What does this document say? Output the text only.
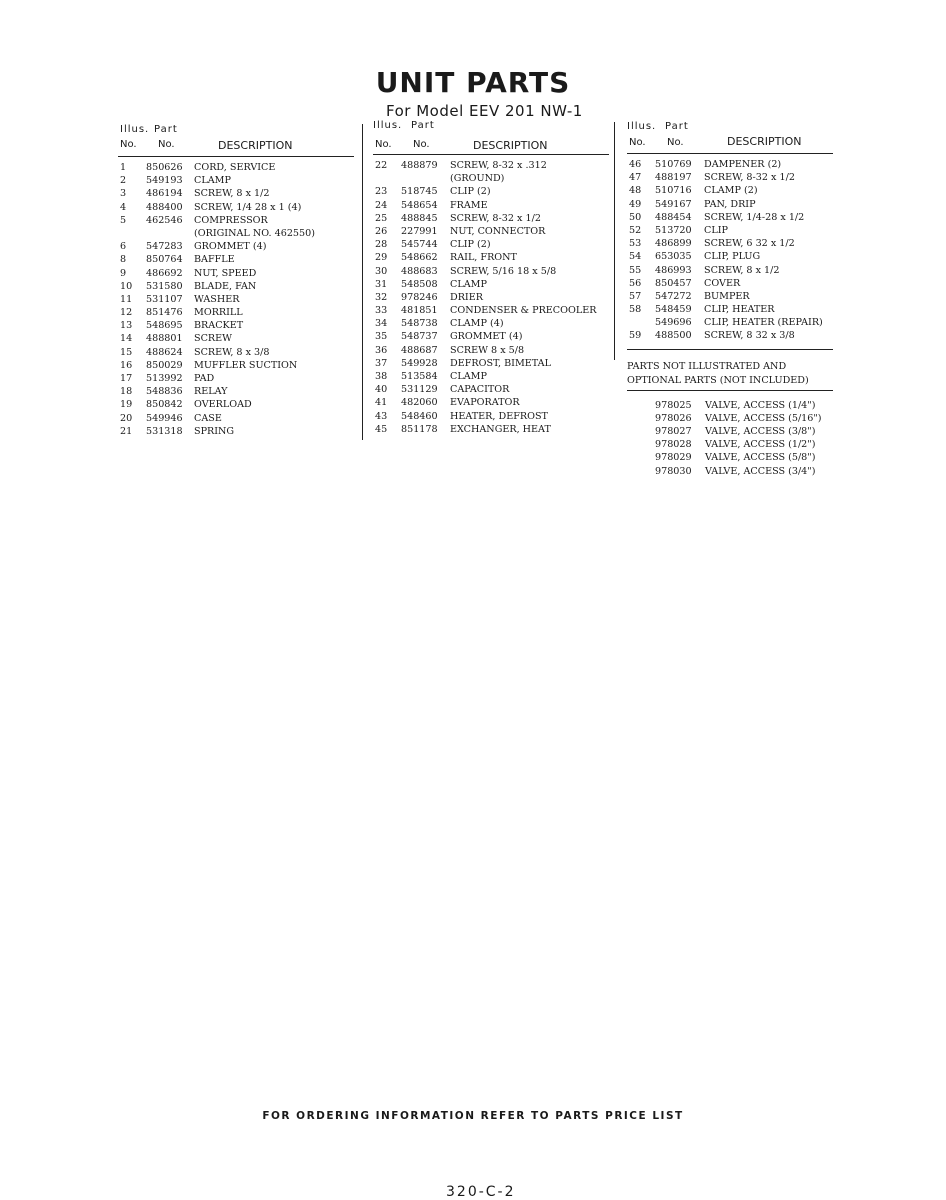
UNIT PARTS
For Model EEV 201 NW-1
Illus. Part
No. No.	DESCRIPTION
1	850626	CORD, SERVICE
2	549193	CLAMP
3	486194	SCREW, 8 x 1/2
4	488400	SCREW, 1/4 28 x 1 (4)
5	462546	COMPRESSOR
(ORIGINAL NO. 462550)
6	547283	GROMMET (4)
8	850764	BAFFLE
9	486692	NUT, SPEED
10	531580	BLADE, FAN
11	531107	WASHER
12	851476	MORRILL
13	548695	BRACKET
14	488801	SCREW
15	488624	SCREW, 8 x 3/8
16	850029	MUFFLER SUCTION
17	513992	PAD
18	548836	RELAY
19	850842	OVERLOAD
20	549946	CASE
21	531318	SPRING
Illus. Part
No. No.	DESCRIPTION
22	488879	SCREW, 8-32 x .312
(GROUND)
23	518745	CLIP (2)
24	548654	FRAME
25	488845	SCREW, 8-32 x 1/2
26	227991	NUT, CONNECTOR
28	545744	CLIP (2)
29	548662	RAIL, FRONT
30	488683	SCREW, 5/16 18 x 5/8
31	548508	CLAMP
32	978246	DRIER
33	481851	CONDENSER & PRECOOLER
34	548738	CLAMP (4)
35	548737	GROMMET (4)
36	488687	SCREW 8 x 5/8
37	549928	DEFROST, BIMETAL
38	513584	CLAMP
40	531129	CAPACITOR
41	482060	EVAPORATOR
43	548460	HEATER, DEFROST
45	851178	EXCHANGER, HEAT
Illus. Part
No. No.	DESCRIPTION
46	510769	DAMPENER (2)
47	488197	SCREW, 8-32 x 1/2
48	510716	CLAMP (2)
49	549167	PAN, DRIP
50	488454	SCREW, 1/4-28 x 1/2
52	513720	CLIP
53	486899	SCREW, 6 32 x 1/2
54	653035	CLIP, PLUG
55	486993	SCREW, 8 x 1/2
56	850457	COVER
57	547272	BUMPER
58	548459	CLIP, HEATER
549696	CLIP, HEATER (REPAIR)
59	488500	SCREW, 8 32 x 3/8
PARTS NOT ILLUSTRATED AND
OPTIONAL PARTS (NOT INCLUDED)
978025	VALVE, ACCESS (1/4")
978026	VALVE, ACCESS (5/16")
978027	VALVE, ACCESS (3/8")
978028	VALVE, ACCESS (1/2")
978029	VALVE, ACCESS (5/8")
978030	VALVE, ACCESS (3/4")
FOR ORDERING INFORMATION REFER TO PARTS PRICE LIST
320-C-2
